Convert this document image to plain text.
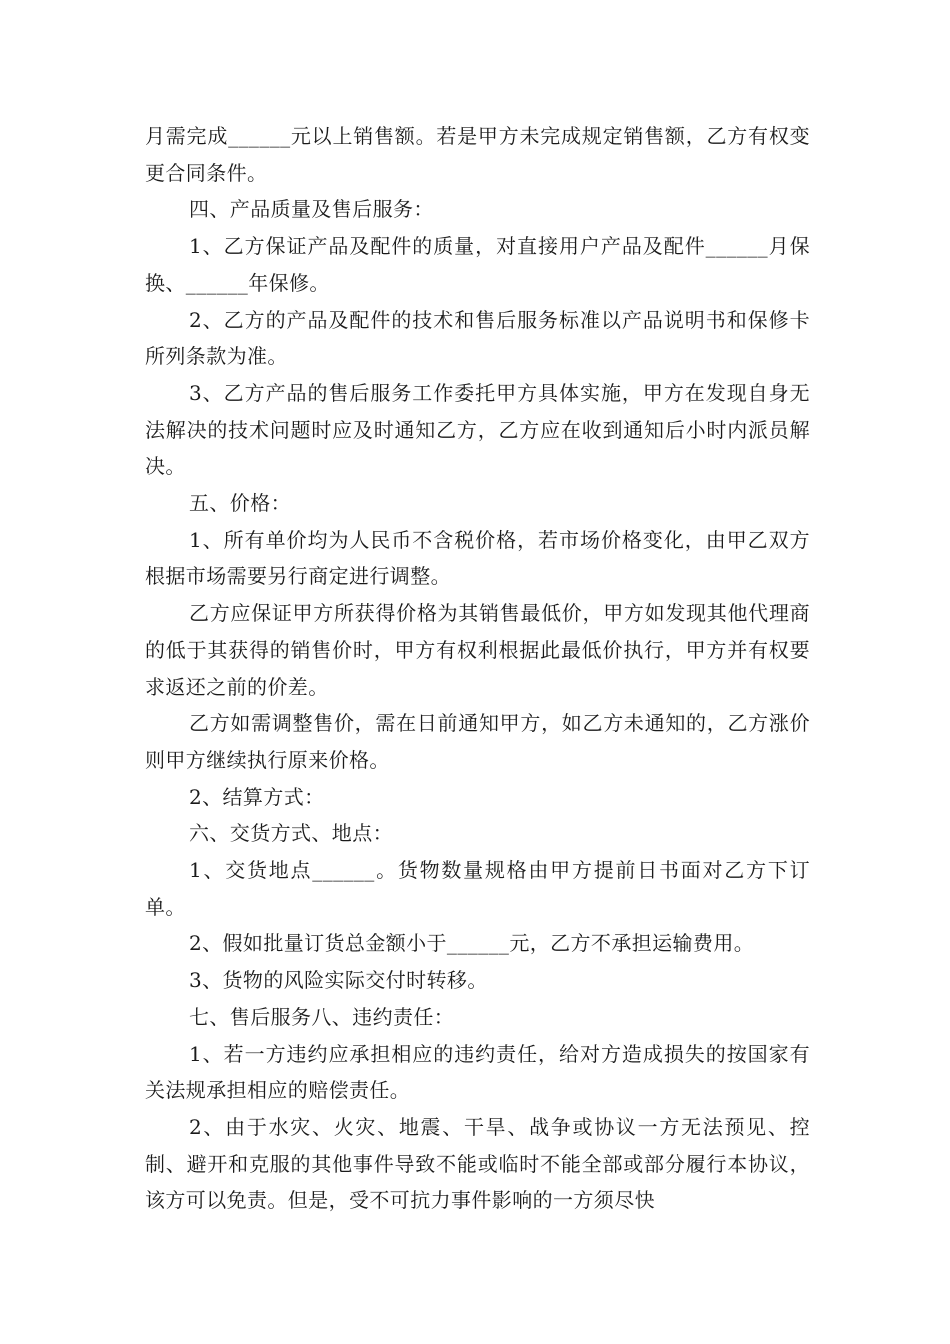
月需完成______元以上销售额。若是甲方未完成规定销售额，乙方有权变更合同条件。

四、产品质量及售后服务：

1、乙方保证产品及配件的质量，对直接用户产品及配件______月保换、______年保修。

2、乙方的产品及配件的技术和售后服务标准以产品说明书和保修卡所列条款为准。

3、乙方产品的售后服务工作委托甲方具体实施，甲方在发现自身无法解决的技术问题时应及时通知乙方，乙方应在收到通知后小时内派员解决。

五、价格：

1、所有单价均为人民币不含税价格，若市场价格变化，由甲乙双方根据市场需要另行商定进行调整。

乙方应保证甲方所获得价格为其销售最低价，甲方如发现其他代理商的低于其获得的销售价时，甲方有权利根据此最低价执行，甲方并有权要求返还之前的价差。

乙方如需调整售价，需在日前通知甲方，如乙方未通知的，乙方涨价则甲方继续执行原来价格。

2、结算方式：

六、交货方式、地点：

1、交货地点______。货物数量规格由甲方提前日书面对乙方下订单。

2、假如批量订货总金额小于______元，乙方不承担运输费用。

3、货物的风险实际交付时转移。

七、售后服务八、违约责任：

1、若一方违约应承担相应的违约责任，给对方造成损失的按国家有关法规承担相应的赔偿责任。

2、由于水灾、火灾、地震、干旱、战争或协议一方无法预见、控制、避开和克服的其他事件导致不能或临时不能全部或部分履行本协议，该方可以免责。但是，受不可抗力事件影响的一方须尽快
